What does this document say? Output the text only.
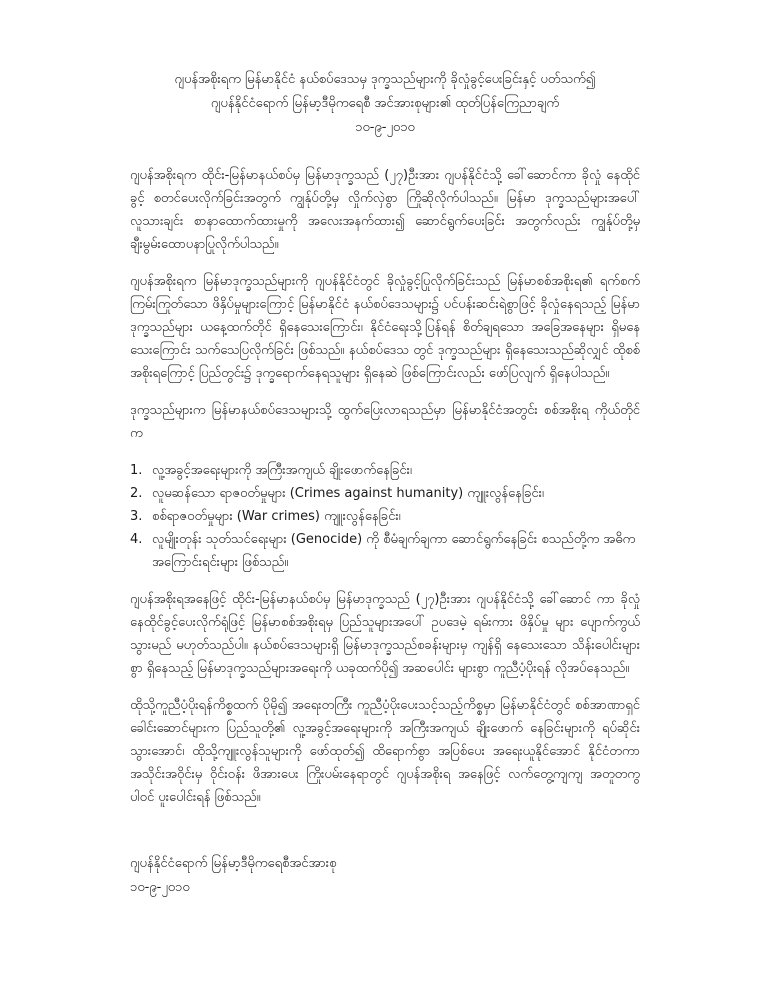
ဂျပန်အစိုးရက မြန်မာနိုင်ငံ နယ်စပ်ဒေသမှ ဒုက္ခသည်များကို ခိုလှုံခွင့်ပေးခြင်းနှင့် ပတ်သက်၍
ဂျပန်နိုင်ငံရောက် မြန်မာ့ဒီမိုကရေစီ အင်အားစုများ၏ ထုတ်ပြန်ကြေညာချက်
၁၀-၉-၂၀၁၀

ဂျပန်အစိုးရက ထိုင်း-မြန်မာနယ်စပ်မှ မြန်မာဒုက္ခသည် (၂၇)ဦးအား ဂျပန်နိုင်ငံသို့ ခေါ်ဆောင်ကာ ခိုလှုံ နေထိုင်ခွင့် စတင်ပေးလိုက်ခြင်းအတွက် ကျွန်ုပ်တို့မှ လှိုက်လှဲစွာ ကြိုဆိုလိုက်ပါသည်။ မြန်မာ ဒုက္ခသည်များအပေါ် လူသားချင်း စာနာထောက်ထားမှုကို အလေးအနက်ထား၍ ဆောင်ရွက်ပေးခြင်း အတွက်လည်း ကျွန်ုပ်တို့မှ ချီးမွမ်းထောပနာပြုလိုက်ပါသည်။

ဂျပန်အစိုးရက မြန်မာဒုက္ခသည်များကို ဂျပန်နိုင်ငံတွင် ခိုလှုံခွင့်ပြုလိုက်ခြင်းသည် မြန်မာစစ်အစိုးရ၏ ရက်စက်ကြမ်းကြုတ်သော ဖိနှိပ်မှုများကြောင့် မြန်မာနိုင်ငံ နယ်စပ်ဒေသများ၌ ပင်ပန်းဆင်းရဲစွာဖြင့် ခိုလှုံနေရသည့် မြန်မာဒုက္ခသည်များ ယနေ့ထက်တိုင် ရှိနေသေးကြောင်း၊ နိုင်ငံရေးသို့ပြန်ရန် စိတ်ချရသော အခြေအနေများ ရှိမနေသေးကြောင်း သက်သေပြလိုက်ခြင်း ဖြစ်သည်။ နယ်စပ်ဒေသ တွင် ဒုက္ခသည်များ ရှိနေသေးသည်ဆိုလျှင် ထိုစစ်အစိုးရကြောင့် ပြည်တွင်း၌ ဒုက္ခရောက်နေရသူများ ရှိနေဆဲ ဖြစ်ကြောင်းလည်း ဖော်ပြလျက် ရှိနေပါသည်။

ဒုက္ခသည်များက မြန်မာနယ်စပ်ဒေသများသို့ ထွက်ပြေးလာရသည်မှာ မြန်မာနိုင်ငံအတွင်း စစ်အစိုးရ ကိုယ်တိုင်က

1. လူ့အခွင့်အရေးများကို အကြီးအကျယ် ချိုးဖောက်နေခြင်း၊
2. လူမဆန်သော ရာဇဝတ်မှုများ (Crimes against humanity) ကျူးလွန်နေခြင်း၊
3. စစ်ရာဇဝတ်မှုများ (War crimes) ကျူးလွန်နေခြင်း၊
4. လူမျိုးတုန်း သုတ်သင်ရေးများ (Genocide) ကို စီမံချက်ချကာ ဆောင်ရွက်နေခြင်း စသည်တို့က အဓိက အကြောင်းရင်းများ ဖြစ်သည်။

ဂျပန်အစိုးရအနေဖြင့် ထိုင်း-မြန်မာနယ်စပ်မှ မြန်မာဒုက္ခသည် (၂၇)ဦးအား ဂျပန်နိုင်ငံသို့ ခေါ်ဆောင် ကာ ခိုလှုံ နေထိုင်ခွင့်ပေးလိုက်ရုံဖြင့် မြန်မာစစ်အစိုးရမှ ပြည်သူများအပေါ် ဥပဒေမဲ့ ရမ်းကား ဖိနှိပ်မှု များ ပျောက်ကွယ်သွားမည် မဟုတ်သည်ပါ။ နယ်စပ်ဒေသများရှိ မြန်မာဒုက္ခသည်စခန်းများမှ ကျန်ရှိ နေသေးသော သိန်းပေါင်းများစွာ ရှိနေသည့် မြန်မာဒုက္ခသည်များအရေးကို ယခုထက်ပို၍ အဆပေါင်း များစွာ ကူညီပံ့ပိုးရန် လိုအပ်နေသည်။

ထိုသို့ကူညီပံ့ပိုးရန်ကိစ္စထက် ပိုမို၍ အရေးတကြီး ကူညီပံ့ပိုးပေးသင့်သည့်ကိစ္စမှာ မြန်မာနိုင်ငံတွင် စစ်အာဏာရှင် ခေါင်းဆောင်များက ပြည်သူတို့၏ လူ့အခွင့်အရေးများကို အကြီးအကျယ် ချိုးဖောက် နေခြင်းများကို ရပ်ဆိုင်းသွားအောင်၊ ထိုသို့ကျူးလွန်သူများကို ဖော်ထုတ်၍ ထိရောက်စွာ အပြစ်ပေး အရေးယူနိုင်အောင် နိုင်ငံတကာအသိုင်းအဝိုင်းမှ ဝိုင်းဝန်း ဖိအားပေး ကြိုးပမ်းနေရာတွင် ဂျပန်အစိုးရ အနေဖြင့် လက်တွေ့ကျကျ အတူတကွ ပါဝင် ပူးပေါင်းရန် ဖြစ်သည်။

ဂျပန်နိုင်ငံရောက် မြန်မာ့ဒီမိုကရေစီအင်အားစု
၁၀-၉-၂၀၁၀
